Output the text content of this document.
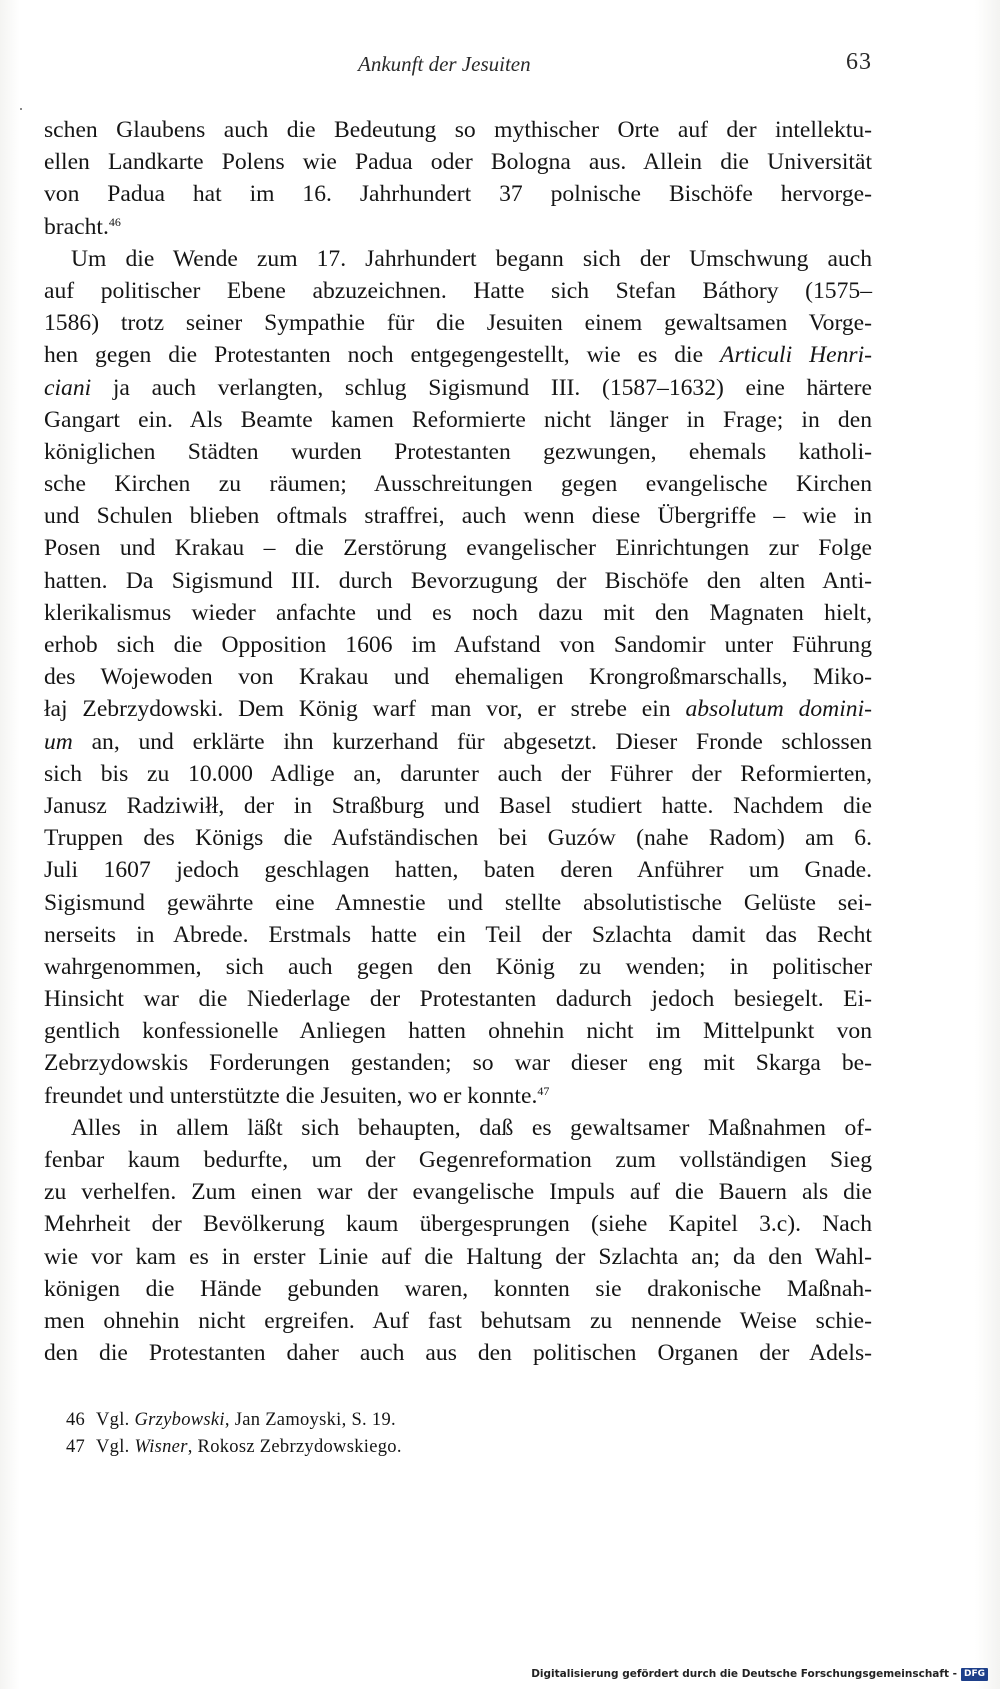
Ankunft der Jesuiten	63
schen Glaubens auch die Bedeutung so mythischer Orte auf der intellektu-
ellen Landkarte Polens wie Padua oder Bologna aus. Allein die Universität
von Padua hat im 16. Jahrhundert 37 polnische Bischöfe hervorge-
bracht.$^{46}$
Um die Wende zum 17. Jahrhundert begann sich der Umschwung auch
auf politischer Ebene abzuzeichnen. Hatte sich Stefan Báthory (1575–
1586) trotz seiner Sympathie für die Jesuiten einem gewaltsamen Vorge-
hen gegen die Protestanten noch entgegengestellt, wie es die Articuli Henri-
ciani ja auch verlangten, schlug Sigismund III. (1587–1632) eine härtere
Gangart ein. Als Beamte kamen Reformierte nicht länger in Frage; in den
königlichen Städten wurden Protestanten gezwungen, ehemals katholi-
sche Kirchen zu räumen; Ausschreitungen gegen evangelische Kirchen
und Schulen blieben oftmals straffrei, auch wenn diese Übergriffe – wie in
Posen und Krakau – die Zerstörung evangelischer Einrichtungen zur Folge
hatten. Da Sigismund III. durch Bevorzugung der Bischöfe den alten Anti-
klerikalismus wieder anfachte und es noch dazu mit den Magnaten hielt,
erhob sich die Opposition 1606 im Aufstand von Sandomir unter Führung
des Wojewoden von Krakau und ehemaligen Krongroßmarschalls, Miko-
łaj Zebrzydowski. Dem König warf man vor, er strebe ein absolutum domini-
um an, und erklärte ihn kurzerhand für abgesetzt. Dieser Fronde schlossen
sich bis zu 10.000 Adlige an, darunter auch der Führer der Reformierten,
Janusz Radziwiłł, der in Straßburg und Basel studiert hatte. Nachdem die
Truppen des Königs die Aufständischen bei Guzów (nahe Radom) am 6.
Juli 1607 jedoch geschlagen hatten, baten deren Anführer um Gnade.
Sigismund gewährte eine Amnestie und stellte absolutistische Gelüste sei-
nerseits in Abrede. Erstmals hatte ein Teil der Szlachta damit das Recht
wahrgenommen, sich auch gegen den König zu wenden; in politischer
Hinsicht war die Niederlage der Protestanten dadurch jedoch besiegelt. Ei-
gentlich konfessionelle Anliegen hatten ohnehin nicht im Mittelpunkt von
Zebrzydowskis Forderungen gestanden; so war dieser eng mit Skarga be-
freundet und unterstützte die Jesuiten, wo er konnte.$^{47}$
Alles in allem läßt sich behaupten, daß es gewaltsamer Maßnahmen of-
fenbar kaum bedurfte, um der Gegenreformation zum vollständigen Sieg
zu verhelfen. Zum einen war der evangelische Impuls auf die Bauern als die
Mehrheit der Bevölkerung kaum übergesprungen (siehe Kapitel 3.c). Nach
wie vor kam es in erster Linie auf die Haltung der Szlachta an; da den Wahl-
königen die Hände gebunden waren, konnten sie drakonische Maßnah-
men ohnehin nicht ergreifen. Auf fast behutsam zu nennende Weise schie-
den die Protestanten daher auch aus den politischen Organen der Adels-
46 Vgl. Grzybowski, Jan Zamoyski, S. 19.
47 Vgl. Wisner, Rokosz Zebrzydowskiego.
Digitalisierung gefördert durch die Deutsche Forschungsgemeinschaft - DFG
